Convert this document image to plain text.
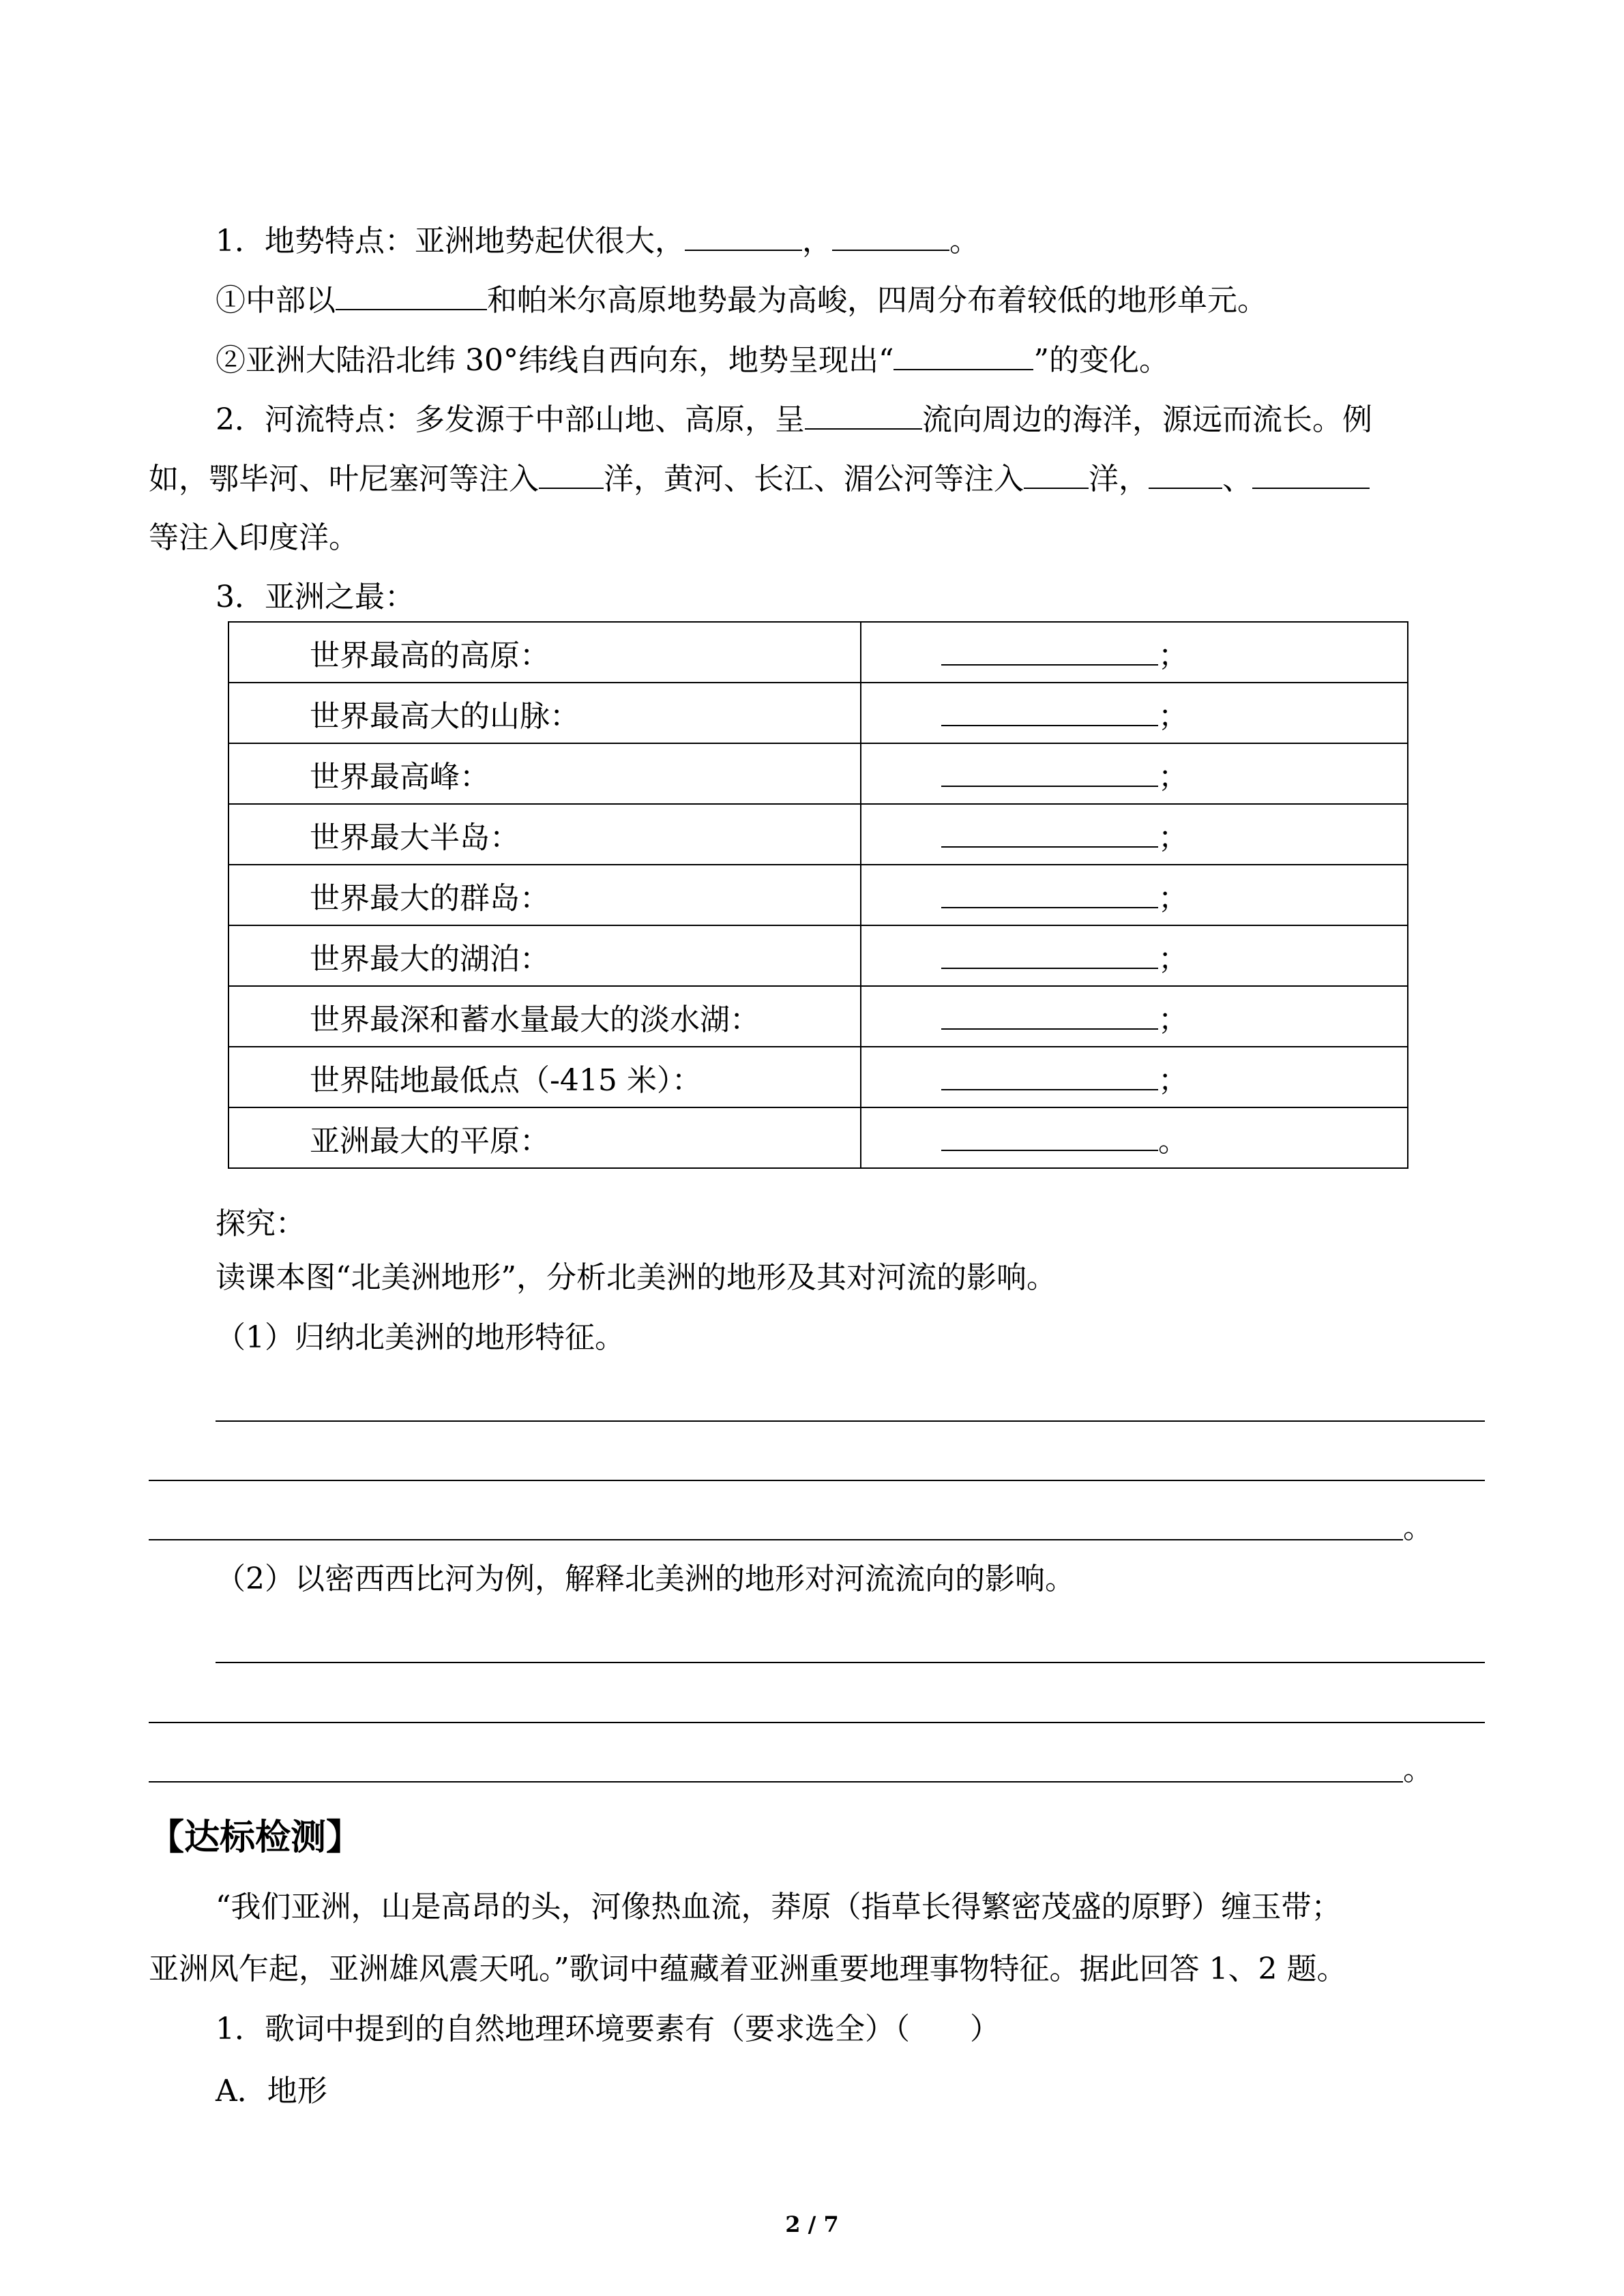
1．地势特点：亚洲地势起伏很大，	，	。
①中部以	和帕米尔高原地势最为高峻，四周分布着较低的地形单元。
②亚洲大陆沿北纬 30°纬线自西向东，地势呈现出“	”的变化。
2．河流特点：多发源于中部山地、高原，呈	流向周边的海洋，源远而流长。例
如，鄂毕河、叶尼塞河等注入 洋，黄河、长江、湄公河等注入 洋， 、
等注入印度洋。
3．亚洲之最：
世界最高的高原：	；
世界最高大的山脉：	；
世界最高峰：	；
世界最大半岛：	；
世界最大的群岛：	；
世界最大的湖泊：	；
世界最深和蓄水量最大的淡水湖：	；
世界陆地最低点（-415 米）：	；
亚洲最大的平原：	。
探究：
读课本图“北美洲地形”，分析北美洲的地形及其对河流的影响。
（1）归纳北美洲的地形特征。
。
（2）以密西西比河为例，解释北美洲的地形对河流流向的影响。
。
【达标检测】
“我们亚洲，山是高昂的头，河像热血流，莽原（指草长得繁密茂盛的原野）缠玉带；
亚洲风乍起，亚洲雄风震天吼。”歌词中蕴藏着亚洲重要地理事物特征。据此回答 1、2 题。
1．歌词中提到的自然地理环境要素有（要求选全）（　　）
A．地形
2 / 7
